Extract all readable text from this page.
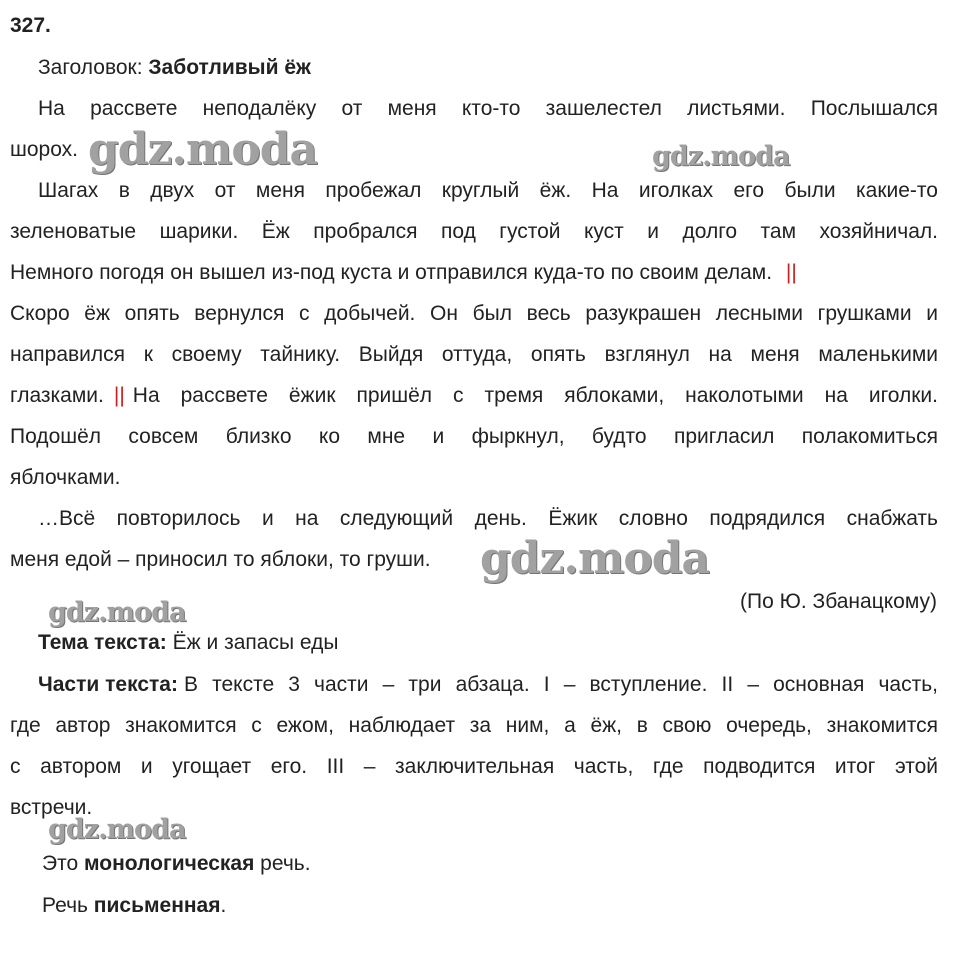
327.
Заголовок: Заботливый ёж
На рассвете неподалёку от меня кто-то зашелестел листьями. Послышался
шорох.
Шагах в двух от меня пробежал круглый ёж. На иголках его были какие-то
зеленоватые шарики. Ёж пробрался под густой куст и долго там хозяйничал.
Немного погодя он вышел из-под куста и отправился куда-то по своим делам. ||
Скоро ёж опять вернулся с добычей. Он был весь разукрашен лесными грушками и
направился к своему тайнику. Выйдя оттуда, опять взглянул на меня маленькими
глазками. || На рассвете ёжик пришёл с тремя яблоками, наколотыми на иголки.
Подошёл совсем близко ко мне и фыркнул, будто пригласил полакомиться
яблочками.
…Всё повторилось и на следующий день. Ёжик словно подрядился снабжать
меня едой – приносил то яблоки, то груши.
(По Ю. Збанацкому)
Тема текста: Ёж и запасы еды
Части текста: В тексте 3 части – три абзаца. I – вступление. II – основная часть,
где автор знакомится с ежом, наблюдает за ним, а ёж, в свою очередь, знакомится
с автором и угощает его. III – заключительная часть, где подводится итог этой
встречи.
Это монологическая речь.
Речь письменная.
gdz.moda	gdz.moda
gdz.moda
gdz.moda
gdz.moda
